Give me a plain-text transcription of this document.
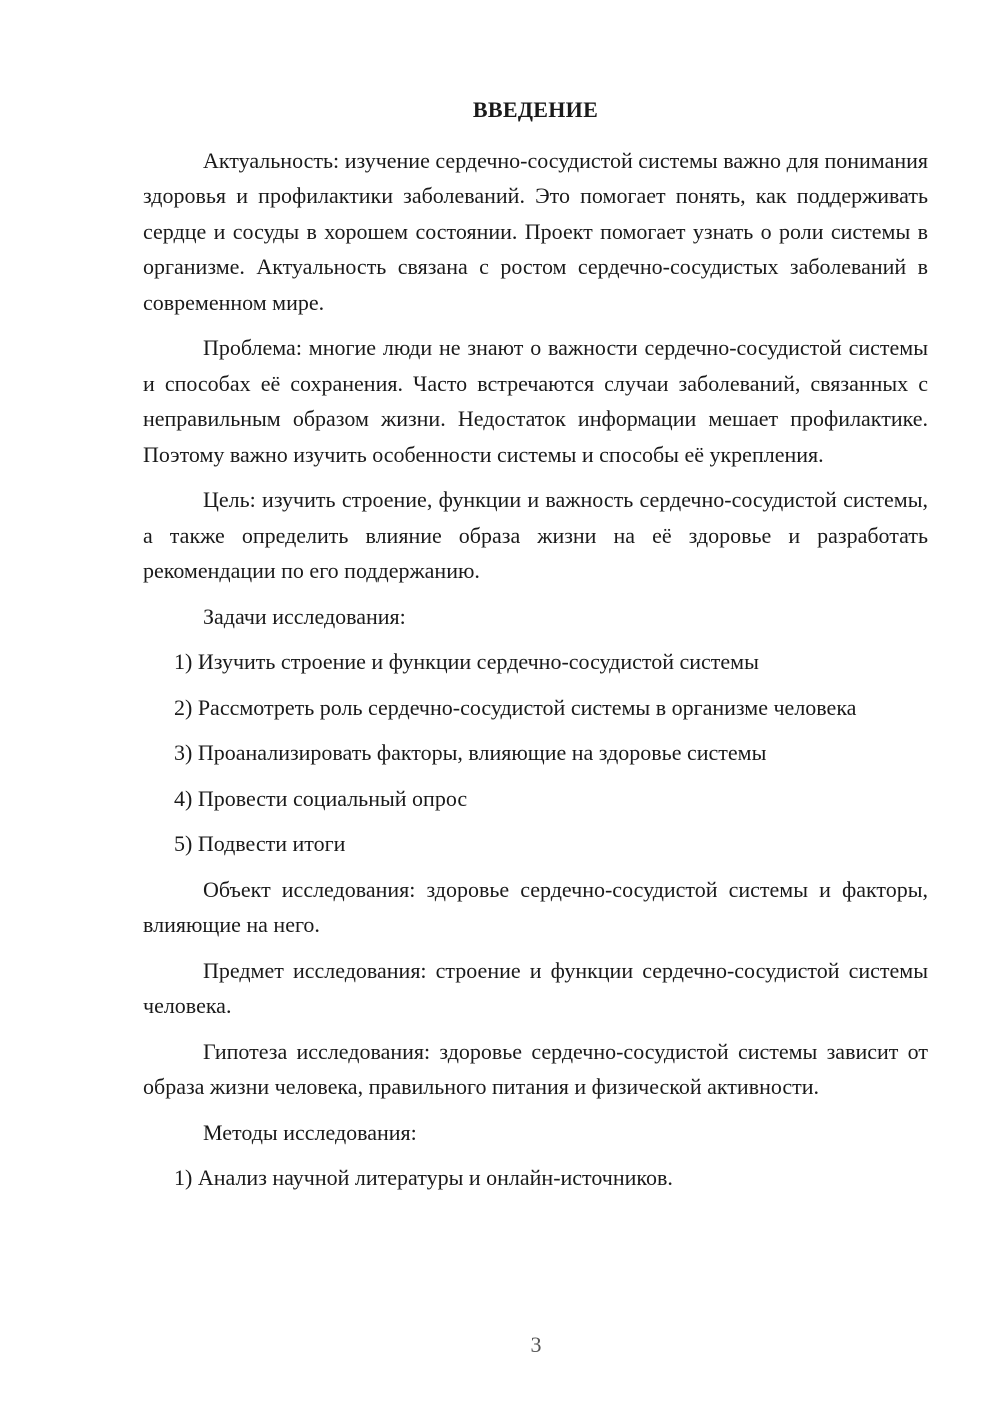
ВВЕДЕНИЕ

Актуальность: изучение сердечно-сосудистой системы важно для понимания здоровья и профилактики заболеваний. Это помогает понять, как поддерживать сердце и сосуды в хорошем состоянии. Проект помогает узнать о роли системы в организме. Актуальность связана с ростом сердечно-сосудистых заболеваний в современном мире.

Проблема: многие люди не знают о важности сердечно-сосудистой системы и способах её сохранения. Часто встречаются случаи заболеваний, связанных с неправильным образом жизни. Недостаток информации мешает профилактике. Поэтому важно изучить особенности системы и способы её укрепления.

Цель: изучить строение, функции и важность сердечно-сосудистой системы, а также определить влияние образа жизни на её здоровье и разработать рекомендации по его поддержанию.

Задачи исследования:

1) Изучить строение и функции сердечно-сосудистой системы

2) Рассмотреть роль сердечно-сосудистой системы в организме человека

3) Проанализировать факторы, влияющие на здоровье системы

4) Провести социальный опрос

5) Подвести итоги

Объект исследования: здоровье сердечно-сосудистой системы и факторы, влияющие на него.

Предмет исследования: строение и функции сердечно-сосудистой системы человека.

Гипотеза исследования: здоровье сердечно-сосудистой системы зависит от образа жизни человека, правильного питания и физической активности.

Методы исследования:

1) Анализ научной литературы и онлайн-источников.

3
